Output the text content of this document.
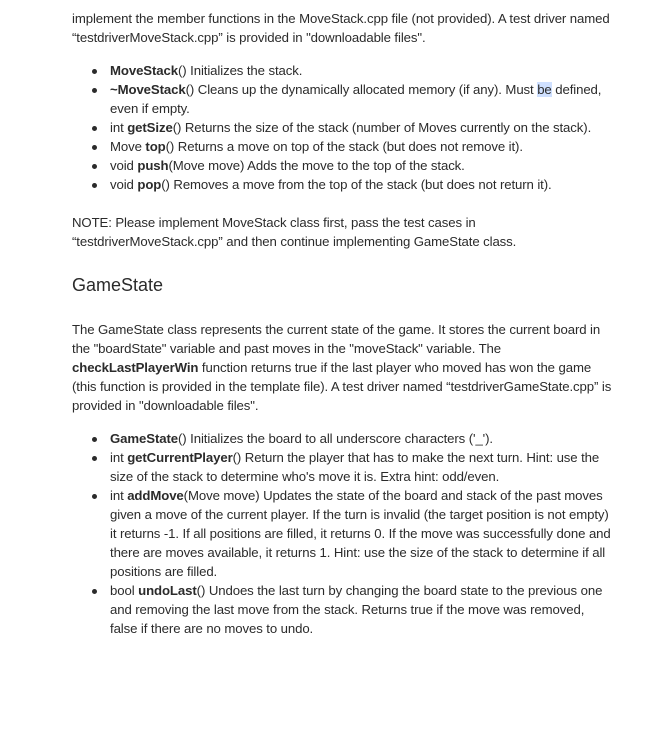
implement the member functions in the MoveStack.cpp file (not provided). A test driver named “testdriverMoveStack.cpp” is provided in "downloadable files".

MoveStack() Initializes the stack.
~MoveStack() Cleans up the dynamically allocated memory (if any). Must be defined, even if empty.
int getSize() Returns the size of the stack (number of Moves currently on the stack).
Move top() Returns a move on top of the stack (but does not remove it).
void push(Move move) Adds the move to the top of the stack.
void pop() Removes a move from the top of the stack (but does not return it).

NOTE: Please implement MoveStack class first, pass the test cases in “testdriverMoveStack.cpp” and then continue implementing GameState class.

GameState

The GameState class represents the current state of the game. It stores the current board in the "boardState" variable and past moves in the "moveStack" variable. The checkLastPlayerWin function returns true if the last player who moved has won the game (this function is provided in the template file). A test driver named “testdriverGameState.cpp” is provided in "downloadable files".

GameState() Initializes the board to all underscore characters ('_').
int getCurrentPlayer() Return the player that has to make the next turn. Hint: use the size of the stack to determine who's move it is. Extra hint: odd/even.
int addMove(Move move) Updates the state of the board and stack of the past moves given a move of the current player. If the turn is invalid (the target position is not empty) it returns -1. If all positions are filled, it returns 0. If the move was successfully done and there are moves available, it returns 1. Hint: use the size of the stack to determine if all positions are filled.
bool undoLast() Undoes the last turn by changing the board state to the previous one and removing the last move from the stack. Returns true if the move was removed, false if there are no moves to undo.
